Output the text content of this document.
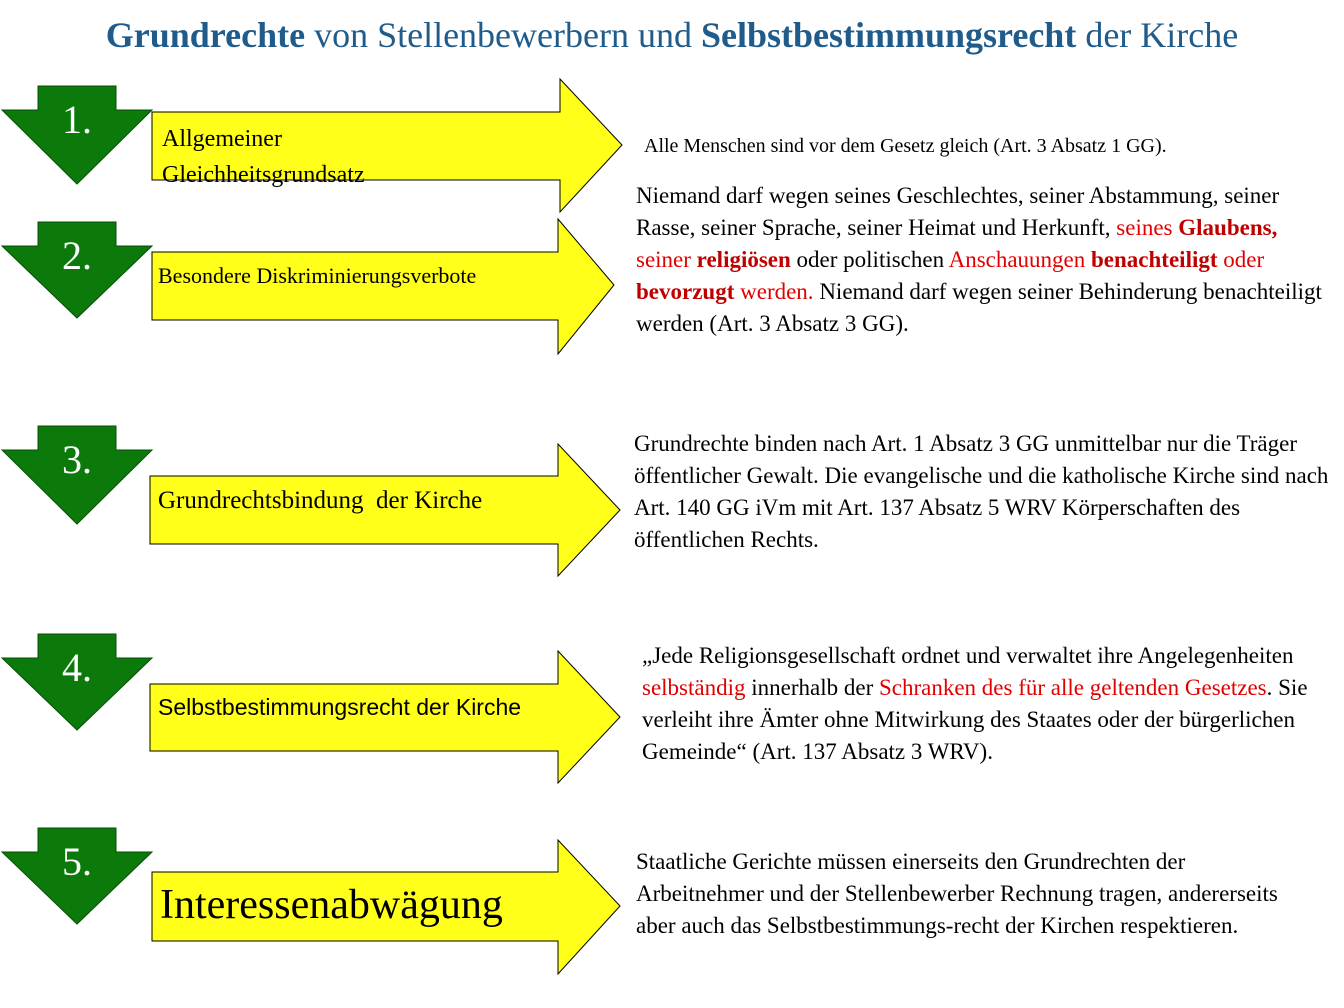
Grundrechte von Stellenbewerbern und Selbstbestimmungsrecht der Kirche
1.
2.
3.
4.
5.
Allgemeiner Gleichheitsgrundsatz
Besondere Diskriminierungsverbote
Grundrechtsbindung  der Kirche
Selbstbestimmungsrecht der Kirche
Interessenabwägung
Alle Menschen sind vor dem Gesetz gleich (Art. 3 Absatz 1 GG).
Niemand darf wegen seines Geschlechtes, seiner Abstammung, seiner Rasse, seiner Sprache, seiner Heimat und Herkunft, seines Glaubens, seiner religiösen oder politischen Anschauungen benachteiligt oder bevorzugt werden. Niemand darf wegen seiner Behinderung benachteiligt werden (Art. 3 Absatz 3 GG).
Grundrechte binden nach Art. 1 Absatz 3 GG unmittelbar nur die Träger öffentlicher Gewalt. Die evangelische und die katholische Kirche sind nach Art. 140 GG iVm mit Art. 137 Absatz 5 WRV Körperschaften des öffentlichen Rechts.
„Jede Religionsgesellschaft ordnet und verwaltet ihre Angelegenheiten selbständig innerhalb der Schranken des für alle geltenden Gesetzes. Sie verleiht ihre Ämter ohne Mitwirkung des Staates oder der bürgerlichen Gemeinde“ (Art. 137 Absatz 3 WRV).
Staatliche Gerichte müssen einerseits den Grundrechten der Arbeitnehmer und der Stellenbewerber Rechnung tragen, andererseits aber auch das Selbstbestimmungs-recht der Kirchen respektieren.
